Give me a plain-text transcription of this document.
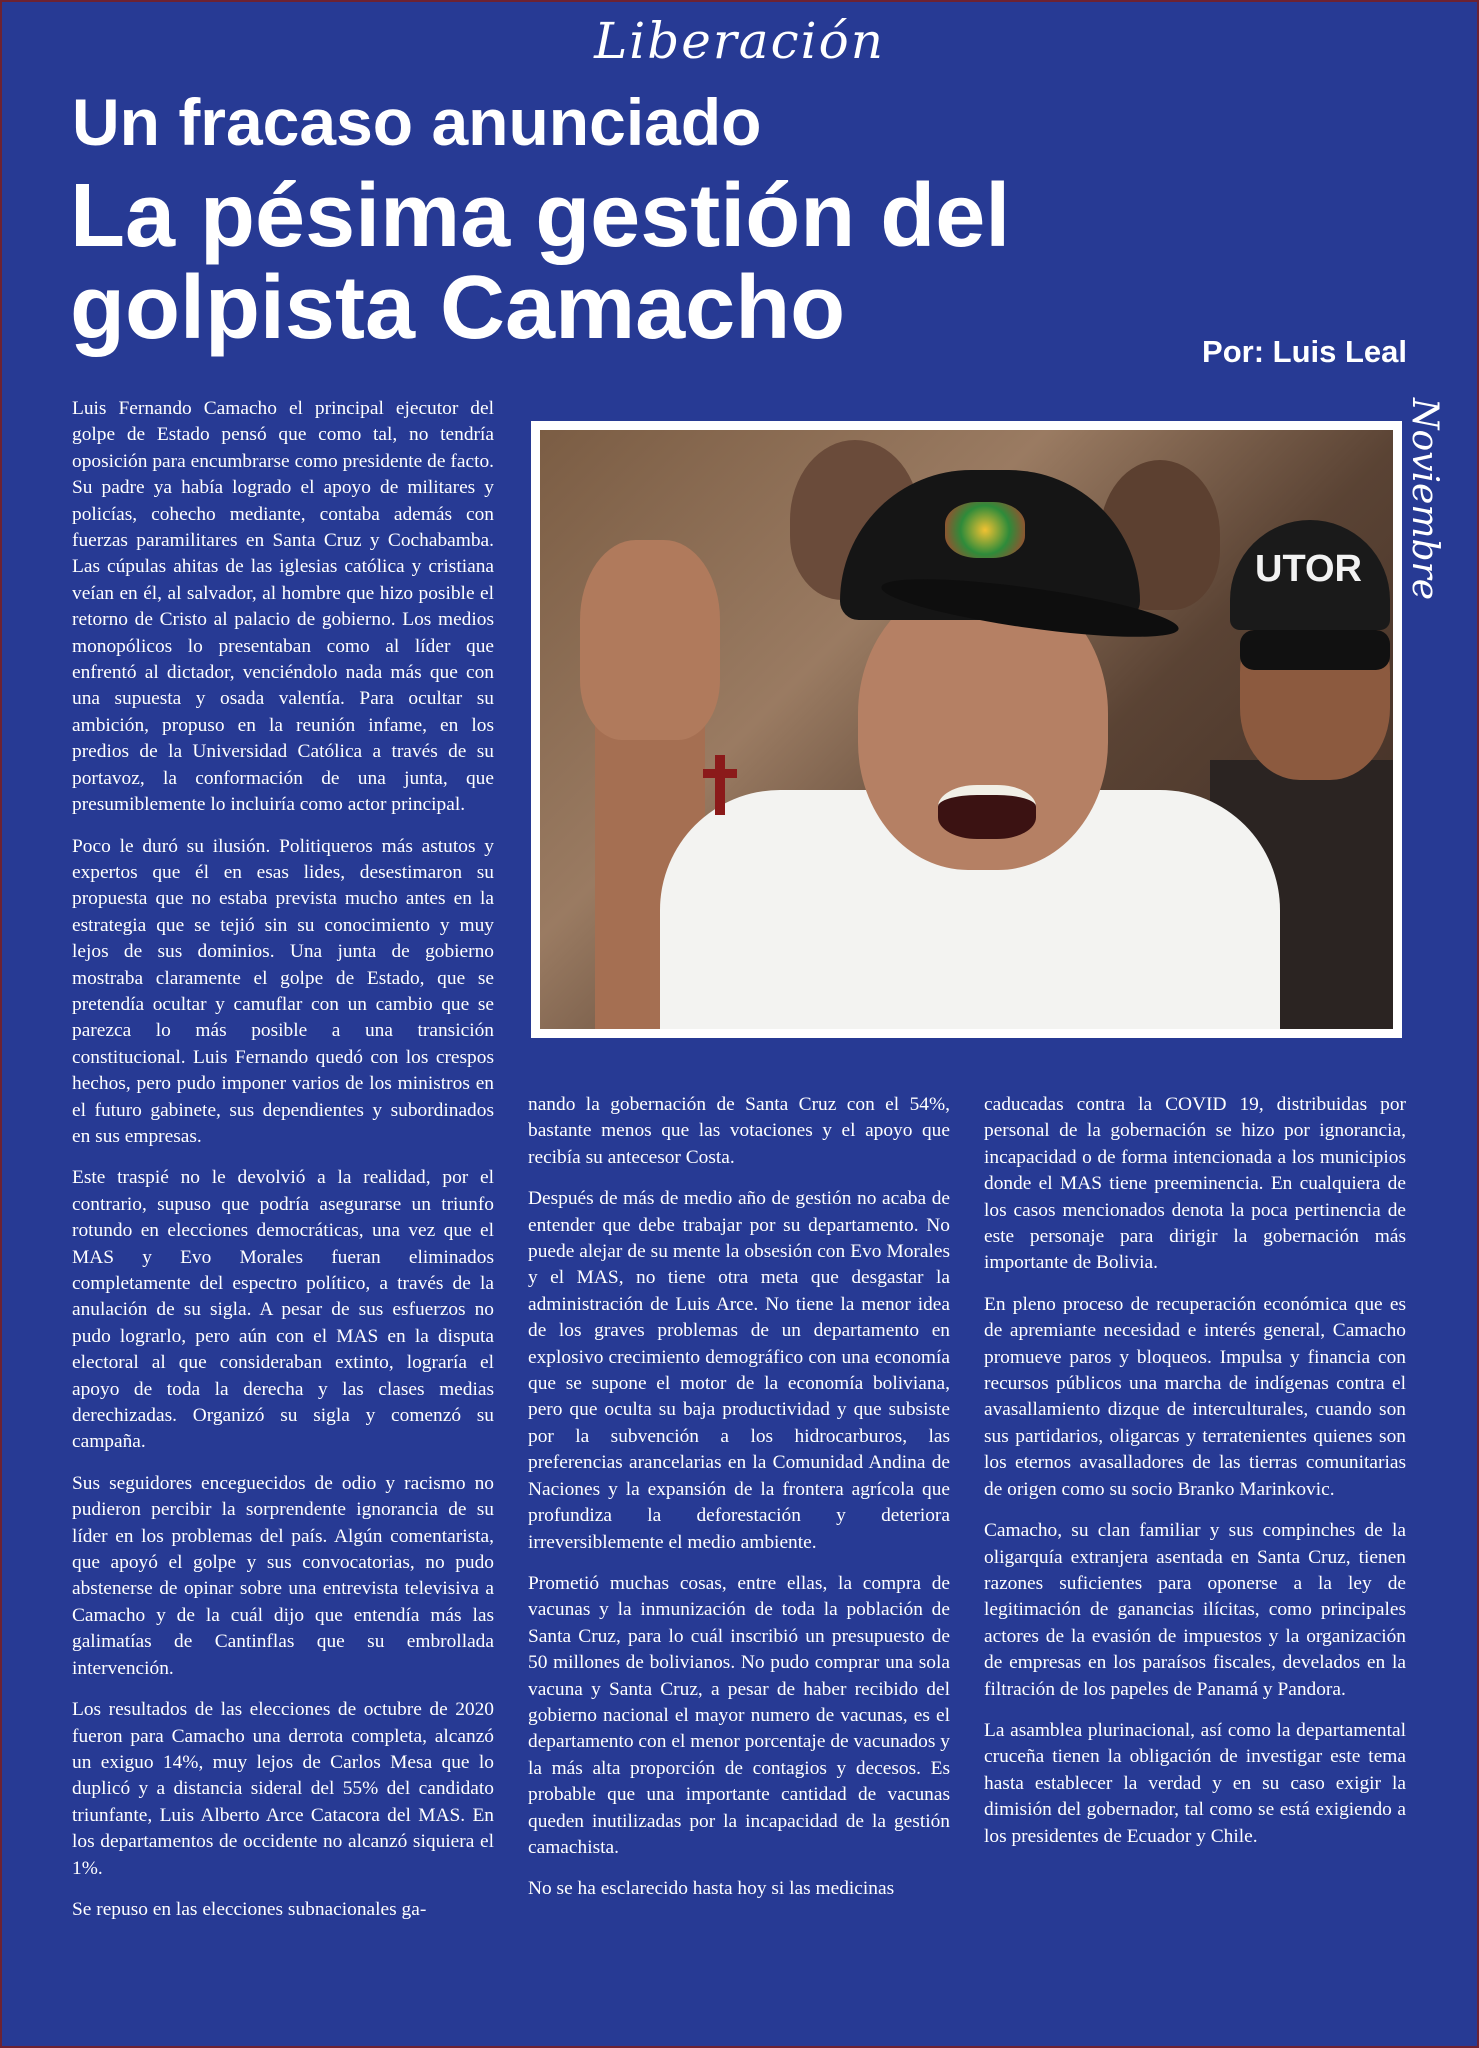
Liberación
Un fracaso anunciado
La pésima gestión del golpista Camacho	Por: Luis Leal
Noviembre
UTOR

Luis Fernando Camacho el principal ejecutor del golpe de Estado pensó que como tal, no tendría oposición para encumbrarse como presidente de facto. Su padre ya había logrado el apoyo de militares y policías, cohecho mediante, contaba además con fuerzas paramilitares en Santa Cruz y Cochabamba. Las cúpulas ahitas de las iglesias católica y cristiana veían en él, al salvador, al hombre que hizo posible el retorno de Cristo al palacio de gobierno. Los medios monopólicos lo presentaban como al líder que enfrentó al dictador, venciéndolo nada más que con una supuesta y osada valentía. Para ocultar su ambición, propuso en la reunión infame, en los predios de la Universidad Católica a través de su portavoz, la conformación de una junta, que presumiblemente lo incluiría como actor principal.

Poco le duró su ilusión. Politiqueros más astutos y expertos que él en esas lides, desestimaron su propuesta que no estaba prevista mucho antes en la estrategia que se tejió sin su conocimiento y muy lejos de sus dominios. Una junta de gobierno mostraba claramente el golpe de Estado, que se pretendía ocultar y camuflar con un cambio que se parezca lo más posible a una transición constitucional. Luis Fernando quedó con los crespos hechos, pero pudo imponer varios de los ministros en el futuro gabinete, sus dependientes y subordinados en sus empresas.

Este traspié no le devolvió a la realidad, por el contrario, supuso que podría asegurarse un triunfo rotundo en elecciones democráticas, una vez que el MAS y Evo Morales fueran eliminados completamente del espectro político, a través de la anulación de su sigla. A pesar de sus esfuerzos no pudo lograrlo, pero aún con el MAS en la disputa electoral al que consideraban extinto, lograría el apoyo de toda la derecha y las clases medias derechizadas. Organizó su sigla y comenzó su campaña.

Sus seguidores enceguecidos de odio y racismo no pudieron percibir la sorprendente ignorancia de su líder en los problemas del país. Algún comentarista, que apoyó el golpe y sus convocatorias, no pudo abstenerse de opinar sobre una entrevista televisiva a Camacho y de la cuál dijo que entendía más las galimatías de Cantinflas que su embrollada intervención.

Los resultados de las elecciones de octubre de 2020 fueron para Camacho una derrota completa, alcanzó un exiguo 14%, muy lejos de Carlos Mesa que lo duplicó y a distancia sideral del 55% del candidato triunfante, Luis Alberto Arce Catacora del MAS. En los departamentos de occidente no alcanzó siquiera el 1%.

Se repuso en las elecciones subnacionales ga-

nando la gobernación de Santa Cruz con el 54%, bastante menos que las votaciones y el apoyo que recibía su antecesor Costa.

Después de más de medio año de gestión no acaba de entender que debe trabajar por su departamento. No puede alejar de su mente la obsesión con Evo Morales y el MAS, no tiene otra meta que desgastar la administración de Luis Arce. No tiene la menor idea de los graves problemas de un departamento en explosivo crecimiento demográfico con una economía que se supone el motor de la economía boliviana, pero que oculta su baja productividad y que subsiste por la subvención a los hidrocarburos, las preferencias arancelarias en la Comunidad Andina de Naciones y la expansión de la frontera agrícola que profundiza la deforestación y deteriora irreversiblemente el medio ambiente.

Prometió muchas cosas, entre ellas, la compra de vacunas y la inmunización de toda la población de Santa Cruz, para lo cuál inscribió un presupuesto de 50 millones de bolivianos. No pudo comprar una sola vacuna y Santa Cruz, a pesar de haber recibido del gobierno nacional el mayor numero de vacunas, es el departamento con el menor porcentaje de vacunados y la más alta proporción de contagios y decesos. Es probable que una importante cantidad de vacunas queden inutilizadas por la incapacidad de la gestión camachista.

No se ha esclarecido hasta hoy si las medicinas

caducadas contra la COVID 19, distribuidas por personal de la gobernación se hizo por ignorancia, incapacidad o de forma intencionada a los municipios donde el MAS tiene preeminencia. En cualquiera de los casos mencionados denota la poca pertinencia de este personaje para dirigir la gobernación más importante de Bolivia.

En pleno proceso de recuperación económica que es de apremiante necesidad e interés general, Camacho promueve paros y bloqueos. Impulsa y financia con recursos públicos una marcha de indígenas contra el avasallamiento dizque de interculturales, cuando son sus partidarios, oligarcas y terratenientes quienes son los eternos avasalladores de las tierras comunitarias de origen como su socio Branko Marinkovic.

Camacho, su clan familiar y sus compinches de la oligarquía extranjera asentada en Santa Cruz, tienen razones suficientes para oponerse a la ley de legitimación de ganancias ilícitas, como principales actores de la evasión de impuestos y la organización de empresas en los paraísos fiscales, develados en la filtración de los papeles de Panamá y Pandora.

La asamblea plurinacional, así como la departamental cruceña tienen la obligación de investigar este tema hasta establecer la verdad y en su caso exigir la dimisión del gobernador, tal como se está exigiendo a los presidentes de Ecuador y Chile.
